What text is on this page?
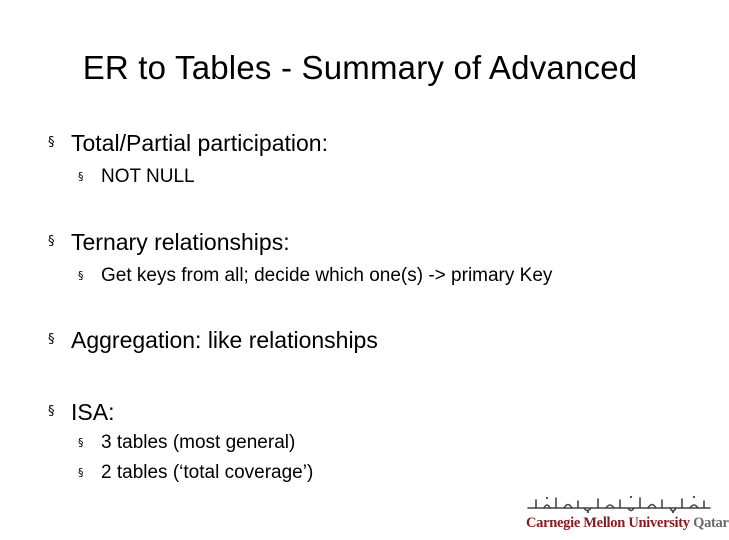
ER to Tables - Summary of Advanced
§ Total/Partial participation:
§ NOT NULL
§ Ternary relationships:
§ Get keys from all; decide which one(s) -> primary Key
§ Aggregation: like relationships
§ ISA:
§ 3 tables (most general)
§ 2 tables (‘total coverage’)
Carnegie Mellon University Qatar
